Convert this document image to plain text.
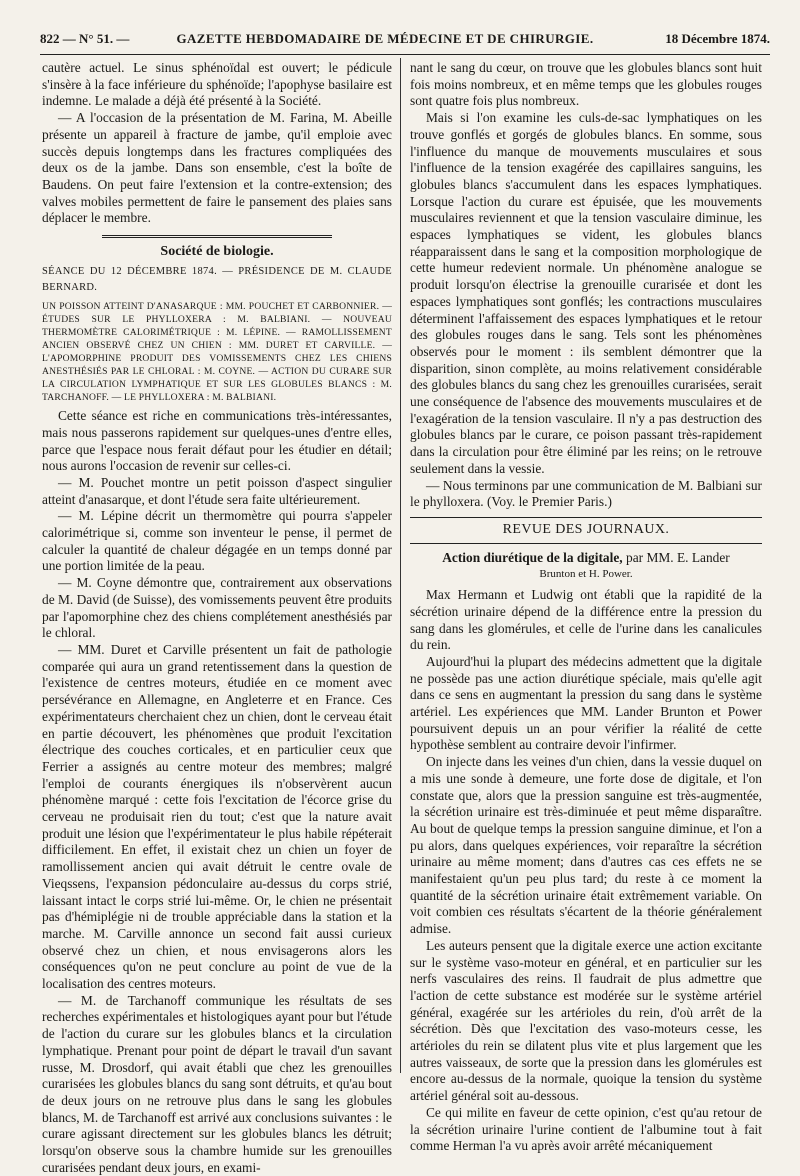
822 — N° 51. —	GAZETTE HEBDOMADAIRE DE MÉDECINE ET DE CHIRURGIE.	18 Décembre 1874.

cautère actuel. Le sinus sphénoïdal est ouvert; le pédicule s'insère à la face inférieure du sphénoïde; l'apophyse basilaire est indemne. Le malade a déjà été présenté à la Société.

— A l'occasion de la présentation de M. Farina, M. Abeille présente un appareil à fracture de jambe, qu'il emploie avec succès depuis longtemps dans les fractures compliquées des deux os de la jambe. Dans son ensemble, c'est la boîte de Baudens. On peut faire l'extension et la contre-extension; des valves mobiles permettent de faire le pansement des plaies sans déplacer le membre.

Société de biologie.

SÉANCE DU 12 DÉCEMBRE 1874. — PRÉSIDENCE DE M. CLAUDE BERNARD.

UN POISSON ATTEINT D'ANASARQUE : MM. POUCHET ET CARBONNIER. — ÉTUDES SUR LE PHYLLOXERA : M. BALBIANI. — NOUVEAU THERMOMÈTRE CALORIMÉTRIQUE : M. LÉPINE. — RAMOLLISSEMENT ANCIEN OBSERVÉ CHEZ UN CHIEN : MM. DURET ET CARVILLE. — L'APOMORPHINE PRODUIT DES VOMISSEMENTS CHEZ LES CHIENS ANESTHÉSIÉS PAR LE CHLORAL : M. COYNE. — ACTION DU CURARE SUR LA CIRCULATION LYMPHATIQUE ET SUR LES GLOBULES BLANCS : M. TARCHANOFF. — LE PHYLLOXERA : M. BALBIANI.

Cette séance est riche en communications très-intéressantes, mais nous passerons rapidement sur quelques-unes d'entre elles, parce que l'espace nous ferait défaut pour les étudier en détail; nous aurons l'occasion de revenir sur celles-ci.

— M. Pouchet montre un petit poisson d'aspect singulier atteint d'anasarque, et dont l'étude sera faite ultérieurement.

— M. Lépine décrit un thermomètre qui pourra s'appeler calorimétrique si, comme son inventeur le pense, il permet de calculer la quantité de chaleur dégagée en un temps donné par une portion limitée de la peau.

— M. Coyne démontre que, contrairement aux observations de M. David (de Suisse), des vomissements peuvent être produits par l'apomorphine chez des chiens complétement anesthésiés par le chloral.

— MM. Duret et Carville présentent un fait de pathologie comparée qui aura un grand retentissement dans la question de l'existence de centres moteurs, étudiée en ce moment avec persévérance en Allemagne, en Angleterre et en France. Ces expérimentateurs cherchaient chez un chien, dont le cerveau était en partie découvert, les phénomènes que produit l'excitation électrique des couches corticales, et en particulier ceux que Ferrier a assignés au centre moteur des membres; malgré l'emploi de courants énergiques ils n'observèrent aucun phénomène marqué : cette fois l'excitation de l'écorce grise du cerveau ne produisait rien du tout; c'est que la nature avait produit une lésion que l'expérimentateur le plus habile répéterait difficilement. En effet, il existait chez un chien un foyer de ramollissement ancien qui avait détruit le centre ovale de Vieqssens, l'expansion pédonculaire au-dessus du corps strié, laissant intact le corps strié lui-même. Or, le chien ne présentait pas d'hémiplégie ni de trouble appréciable dans la station et la marche. M. Carville annonce un second fait aussi curieux observé chez un chien, et nous envisagerons alors les conséquences qu'on ne peut conclure au point de vue de la localisation des centres moteurs.

— M. de Tarchanoff communique les résultats de ses recherches expérimentales et histologiques ayant pour but l'étude de l'action du curare sur les globules blancs et la circulation lymphatique. Prenant pour point de départ le travail d'un savant russe, M. Drosdorf, qui avait établi que chez les grenouilles curarisées les globules blancs du sang sont détruits, et qu'au bout de deux jours on ne retrouve plus dans le sang les globules blancs, M. de Tarchanoff est arrivé aux conclusions suivantes : le curare agissant directement sur les globules blancs les détruit; lorsqu'on observe sous la chambre humide sur les grenouilles curarisées pendant deux jours, en exami-

nant le sang du cœur, on trouve que les globules blancs sont huit fois moins nombreux, et en même temps que les globules rouges sont quatre fois plus nombreux.

Mais si l'on examine les culs-de-sac lymphatiques on les trouve gonflés et gorgés de globules blancs. En somme, sous l'influence du manque de mouvements musculaires et sous l'influence de la tension exagérée des capillaires sanguins, les globules blancs s'accumulent dans les espaces lymphatiques. Lorsque l'action du curare est épuisée, que les mouvements musculaires reviennent et que la tension vasculaire diminue, les espaces lymphatiques se vident, les globules blancs réapparaissent dans le sang et la composition morphologique de cette humeur redevient normale. Un phénomène analogue se produit lorsqu'on électrise la grenouille curarisée et dont les espaces lymphatiques sont gonflés; les contractions musculaires déterminent l'affaissement des espaces lymphatiques et le retour des globules rouges dans le sang. Tels sont les phénomènes observés pour le moment : ils semblent démontrer que la disparition, sinon complète, au moins relativement considérable des globules blancs du sang chez les grenouilles curarisées, serait une conséquence de l'absence des mouvements musculaires et de l'exagération de la tension vasculaire. Il n'y a pas destruction des globules blancs par le curare, ce poison passant très-rapidement dans la circulation pour être éliminé par les reins; on le retrouve seulement dans la vessie.

— Nous terminons par une communication de M. Balbiani sur le phylloxera. (Voy. le Premier Paris.)

REVUE DES JOURNAUX.

Action diurétique de la digitale, par MM. E. Lander

Brunton et H. Power.

Max Hermann et Ludwig ont établi que la rapidité de la sécrétion urinaire dépend de la différence entre la pression du sang dans les glomérules, et celle de l'urine dans les canalicules du rein.

Aujourd'hui la plupart des médecins admettent que la digitale ne possède pas une action diurétique spéciale, mais qu'elle agit dans ce sens en augmentant la pression du sang dans le système artériel. Les expériences que MM. Lander Brunton et Power poursuivent depuis un an pour vérifier la réalité de cette hypothèse semblent au contraire devoir l'infirmer.

On injecte dans les veines d'un chien, dans la vessie duquel on a mis une sonde à demeure, une forte dose de digitale, et l'on constate que, alors que la pression sanguine est très-augmentée, la sécrétion urinaire est très-diminuée et peut même disparaître. Au bout de quelque temps la pression sanguine diminue, et l'on a pu alors, dans quelques expériences, voir reparaître la sécrétion urinaire au même moment; dans d'autres cas ces effets ne se manifestaient qu'un peu plus tard; du reste à ce moment la quantité de la sécrétion urinaire était extrêmement variable. On voit combien ces résultats s'écartent de la théorie généralement admise.

Les auteurs pensent que la digitale exerce une action excitante sur le système vaso-moteur en général, et en particulier sur les nerfs vasculaires des reins. Il faudrait de plus admettre que l'action de cette substance est modérée sur le système artériel général, exagérée sur les artérioles du rein, d'où arrêt de la sécrétion. Dès que l'excitation des vaso-moteurs cesse, les artérioles du rein se dilatent plus vite et plus largement que les autres vaisseaux, de sorte que la pression dans les glomérules est encore au-dessus de la normale, quoique la tension du système artériel général soit au-dessous.

Ce qui milite en faveur de cette opinion, c'est qu'au retour de la sécrétion urinaire l'urine contient de l'albumine tout à fait comme Herman l'a vu après avoir arrêté mécaniquement
